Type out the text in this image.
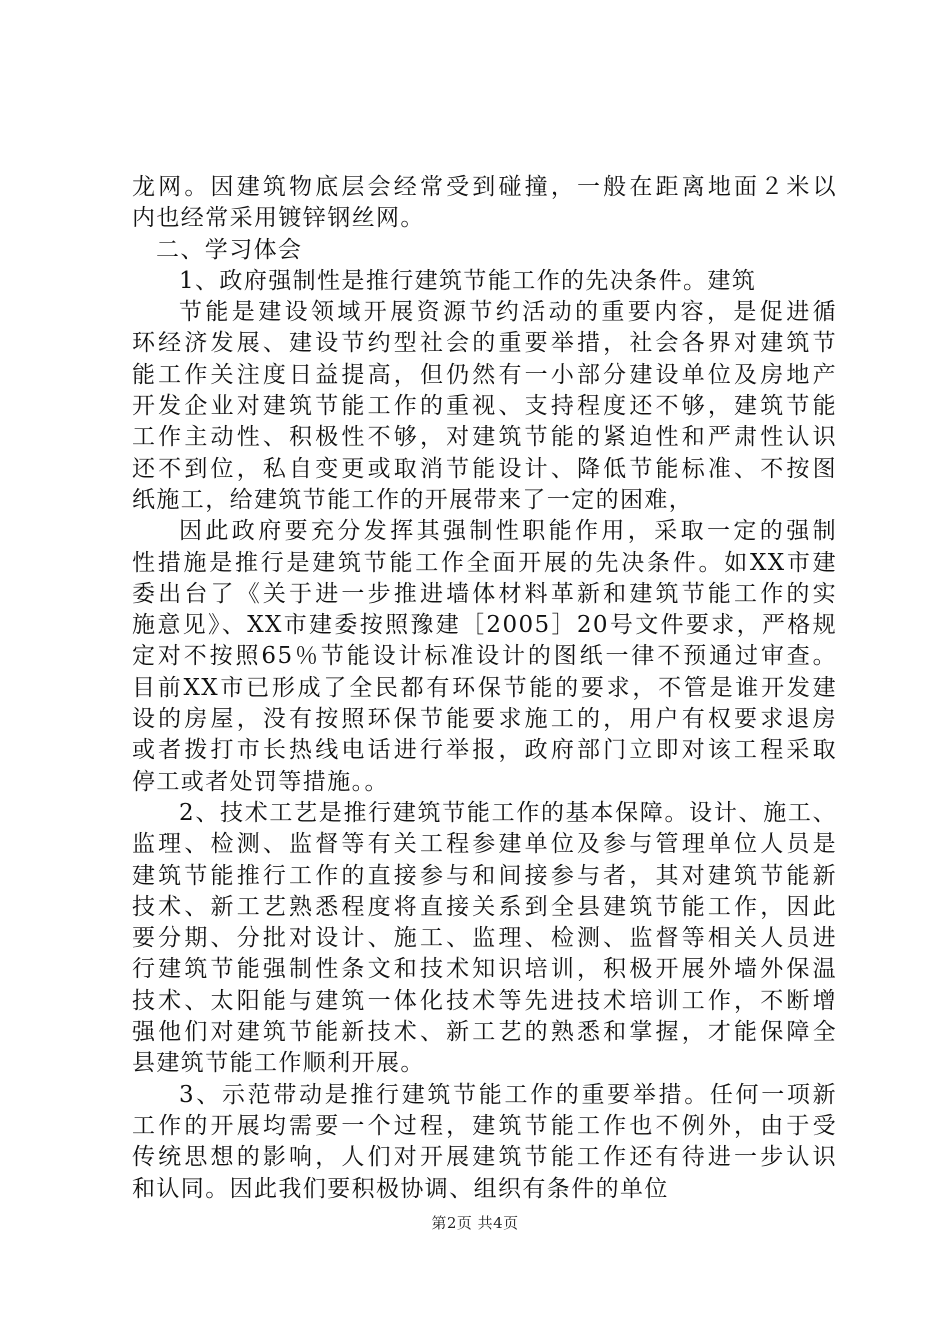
龙网。因建筑物底层会经常受到碰撞，一般在距离地面２米以
内也经常采用镀锌钢丝网。
二、学习体会
1、政府强制性是推行建筑节能工作的先决条件。建筑
节能是建设领域开展资源节约活动的重要内容，是促进循
环经济发展、建设节约型社会的重要举措，社会各界对建筑节
能工作关注度日益提高，但仍然有一小部分建设单位及房地产
开发企业对建筑节能工作的重视、支持程度还不够，建筑节能
工作主动性、积极性不够，对建筑节能的紧迫性和严肃性认识
还不到位，私自变更或取消节能设计、降低节能标准、不按图
纸施工，给建筑节能工作的开展带来了一定的困难，
因此政府要充分发挥其强制性职能作用，采取一定的强制
性措施是推行是建筑节能工作全面开展的先决条件。如XX市建
委出台了《关于进一步推进墙体材料革新和建筑节能工作的实
施意见》、XX市建委按照豫建［2005］20号文件要求，严格规
定对不按照65％节能设计标准设计的图纸一律不预通过审查。
目前XX市已形成了全民都有环保节能的要求，不管是谁开发建
设的房屋，没有按照环保节能要求施工的，用户有权要求退房
或者拨打市长热线电话进行举报，政府部门立即对该工程采取
停工或者处罚等措施。。
2、技术工艺是推行建筑节能工作的基本保障。设计、施工、
监理、检测、监督等有关工程参建单位及参与管理单位人员是
建筑节能推行工作的直接参与和间接参与者，其对建筑节能新
技术、新工艺熟悉程度将直接关系到全县建筑节能工作，因此
要分期、分批对设计、施工、监理、检测、监督等相关人员进
行建筑节能强制性条文和技术知识培训，积极开展外墙外保温
技术、太阳能与建筑一体化技术等先进技术培训工作，不断增
强他们对建筑节能新技术、新工艺的熟悉和掌握，才能保障全
县建筑节能工作顺利开展。
3、示范带动是推行建筑节能工作的重要举措。任何一项新
工作的开展均需要一个过程，建筑节能工作也不例外，由于受
传统思想的影响，人们对开展建筑节能工作还有待进一步认识
和认同。因此我们要积极协调、组织有条件的单位
第2页 共4页
